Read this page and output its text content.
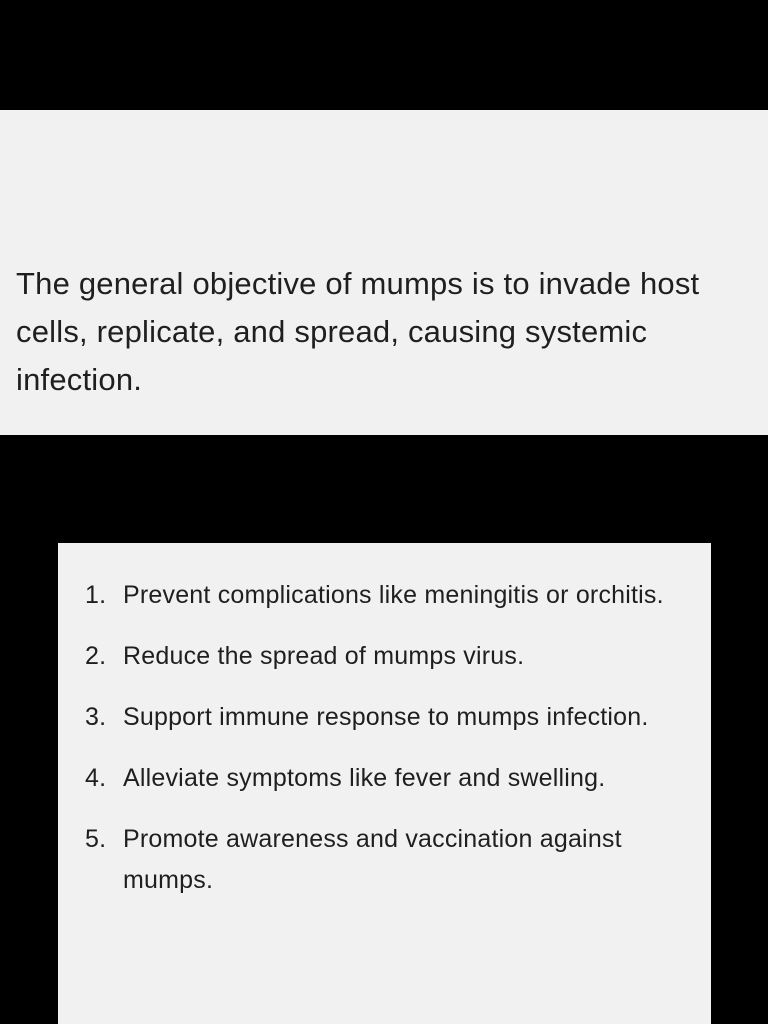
The general objective of mumps is to invade host cells, replicate, and spread, causing systemic infection.

1. Prevent complications like meningitis or orchitis.
2. Reduce the spread of mumps virus.
3. Support immune response to mumps infection.
4. Alleviate symptoms like fever and swelling.
5. Promote awareness and vaccination against mumps.
